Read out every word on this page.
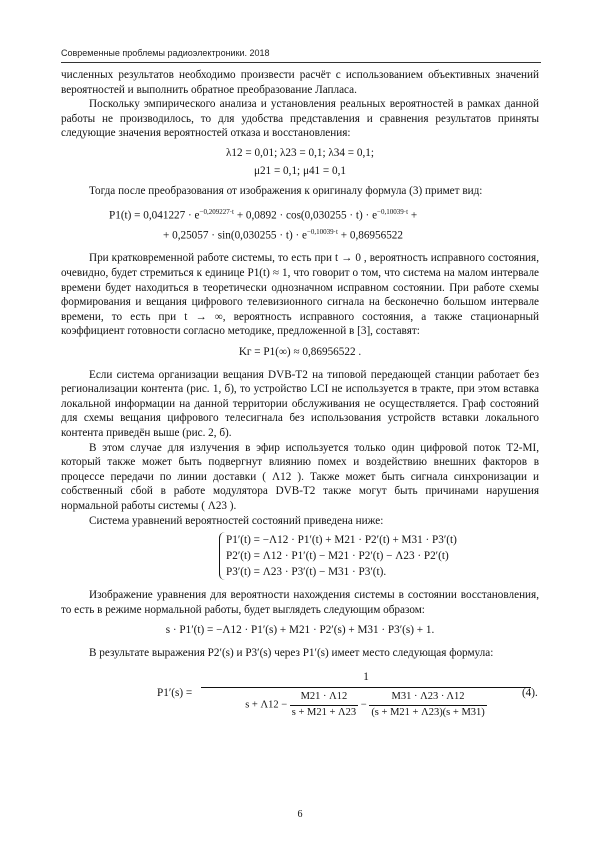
Современные проблемы радиоэлектроники. 2018

численных результатов необходимо произвести расчёт с использованием объективных значений вероятностей и выполнить обратное преобразование Лапласа.

Поскольку эмпирического анализа и установления реальных вероятностей в рамках данной работы не производилось, то для удобства представления и сравнения результатов приняты следующие значения вероятностей отказа и восстановления:

λ12 = 0,01; λ23 = 0,1; λ34 = 0,1;
μ21 = 0,1; μ41 = 0,1

Тогда после преобразования от изображения к оригиналу формула (3) примет вид:

$P1(t) = 0,041227 \cdot e^{-0,209227\cdot t} + 0,0892 \cdot \cos(0,030255 \cdot t) \cdot e^{-0,10039\cdot t}$ +
+ $0,25057 \cdot \sin(0,030255 \cdot t) \cdot e^{-0,10039\cdot t} + 0,86956522$

При кратковременной работе системы, то есть при t → 0 , вероятность исправного состояния, очевидно, будет стремиться к единице P1(t) ≈ 1, что говорит о том, что система на малом интервале времени будет находиться в теоретически однозначном исправном состоянии. При работе схемы формирования и вещания цифрового телевизионного сигнала на бесконечно большом интервале времени, то есть при t → ∞, вероятность исправного состояния, а также стационарный коэффициент готовности согласно методике, предложенной в [3], составят:

Kг = P1(∞) ≈ 0,86956522 .

Если система организации вещания DVB-T2 на типовой передающей станции работает без регионализации контента (рис. 1, б), то устройство LCI не используется в тракте, при этом вставка локальной информации на данной территории обслуживания не осуществляется. Граф состояний для схемы вещания цифрового телесигнала без использования устройств вставки локального контента приведён выше (рис. 2, б).

В этом случае для излучения в эфир используется только один цифровой поток T2-MI, который также может быть подвергнут влиянию помех и воздействию внешних факторов в процессе передачи по линии доставки ( Λ12 ). Также может быть сигнала синхронизации и собственный сбой в работе модулятора DVB-T2 также могут быть причинами нарушения нормальной работы системы ( Λ23 ).

Система уравнений вероятностей состояний приведена ниже:

P1′(t) = −Λ12 · P1′(t) + M21 · P2′(t) + M31 · P3′(t)
P2′(t) = Λ12 · P1′(t) − M21 · P2′(t) − Λ23 · P2′(t)
P3′(t) = Λ23 · P3′(t) − M31 · P3′(t).

Изображение уравнения для вероятности нахождения системы в состоянии восстановления, то есть в режиме нормальной работы, будет выглядеть следующим образом:

s · P1′(t) = −Λ12 · P1′(s) + M21 · P2′(s) + M31 · P3′(s) + 1.

В результате выражения P2′(s) и P3′(s) через P1′(s) имеет место следующая формула:

P1′(s) =
1
$s + \Lambda 12 - \frac{M21 \cdot \Lambda 12}{s + M21 + \Lambda 23} - \frac{M31 \cdot \Lambda 23 \cdot \Lambda 12}{(s + M21 + \Lambda 23)(s + M31)}$	.
(4)
6
